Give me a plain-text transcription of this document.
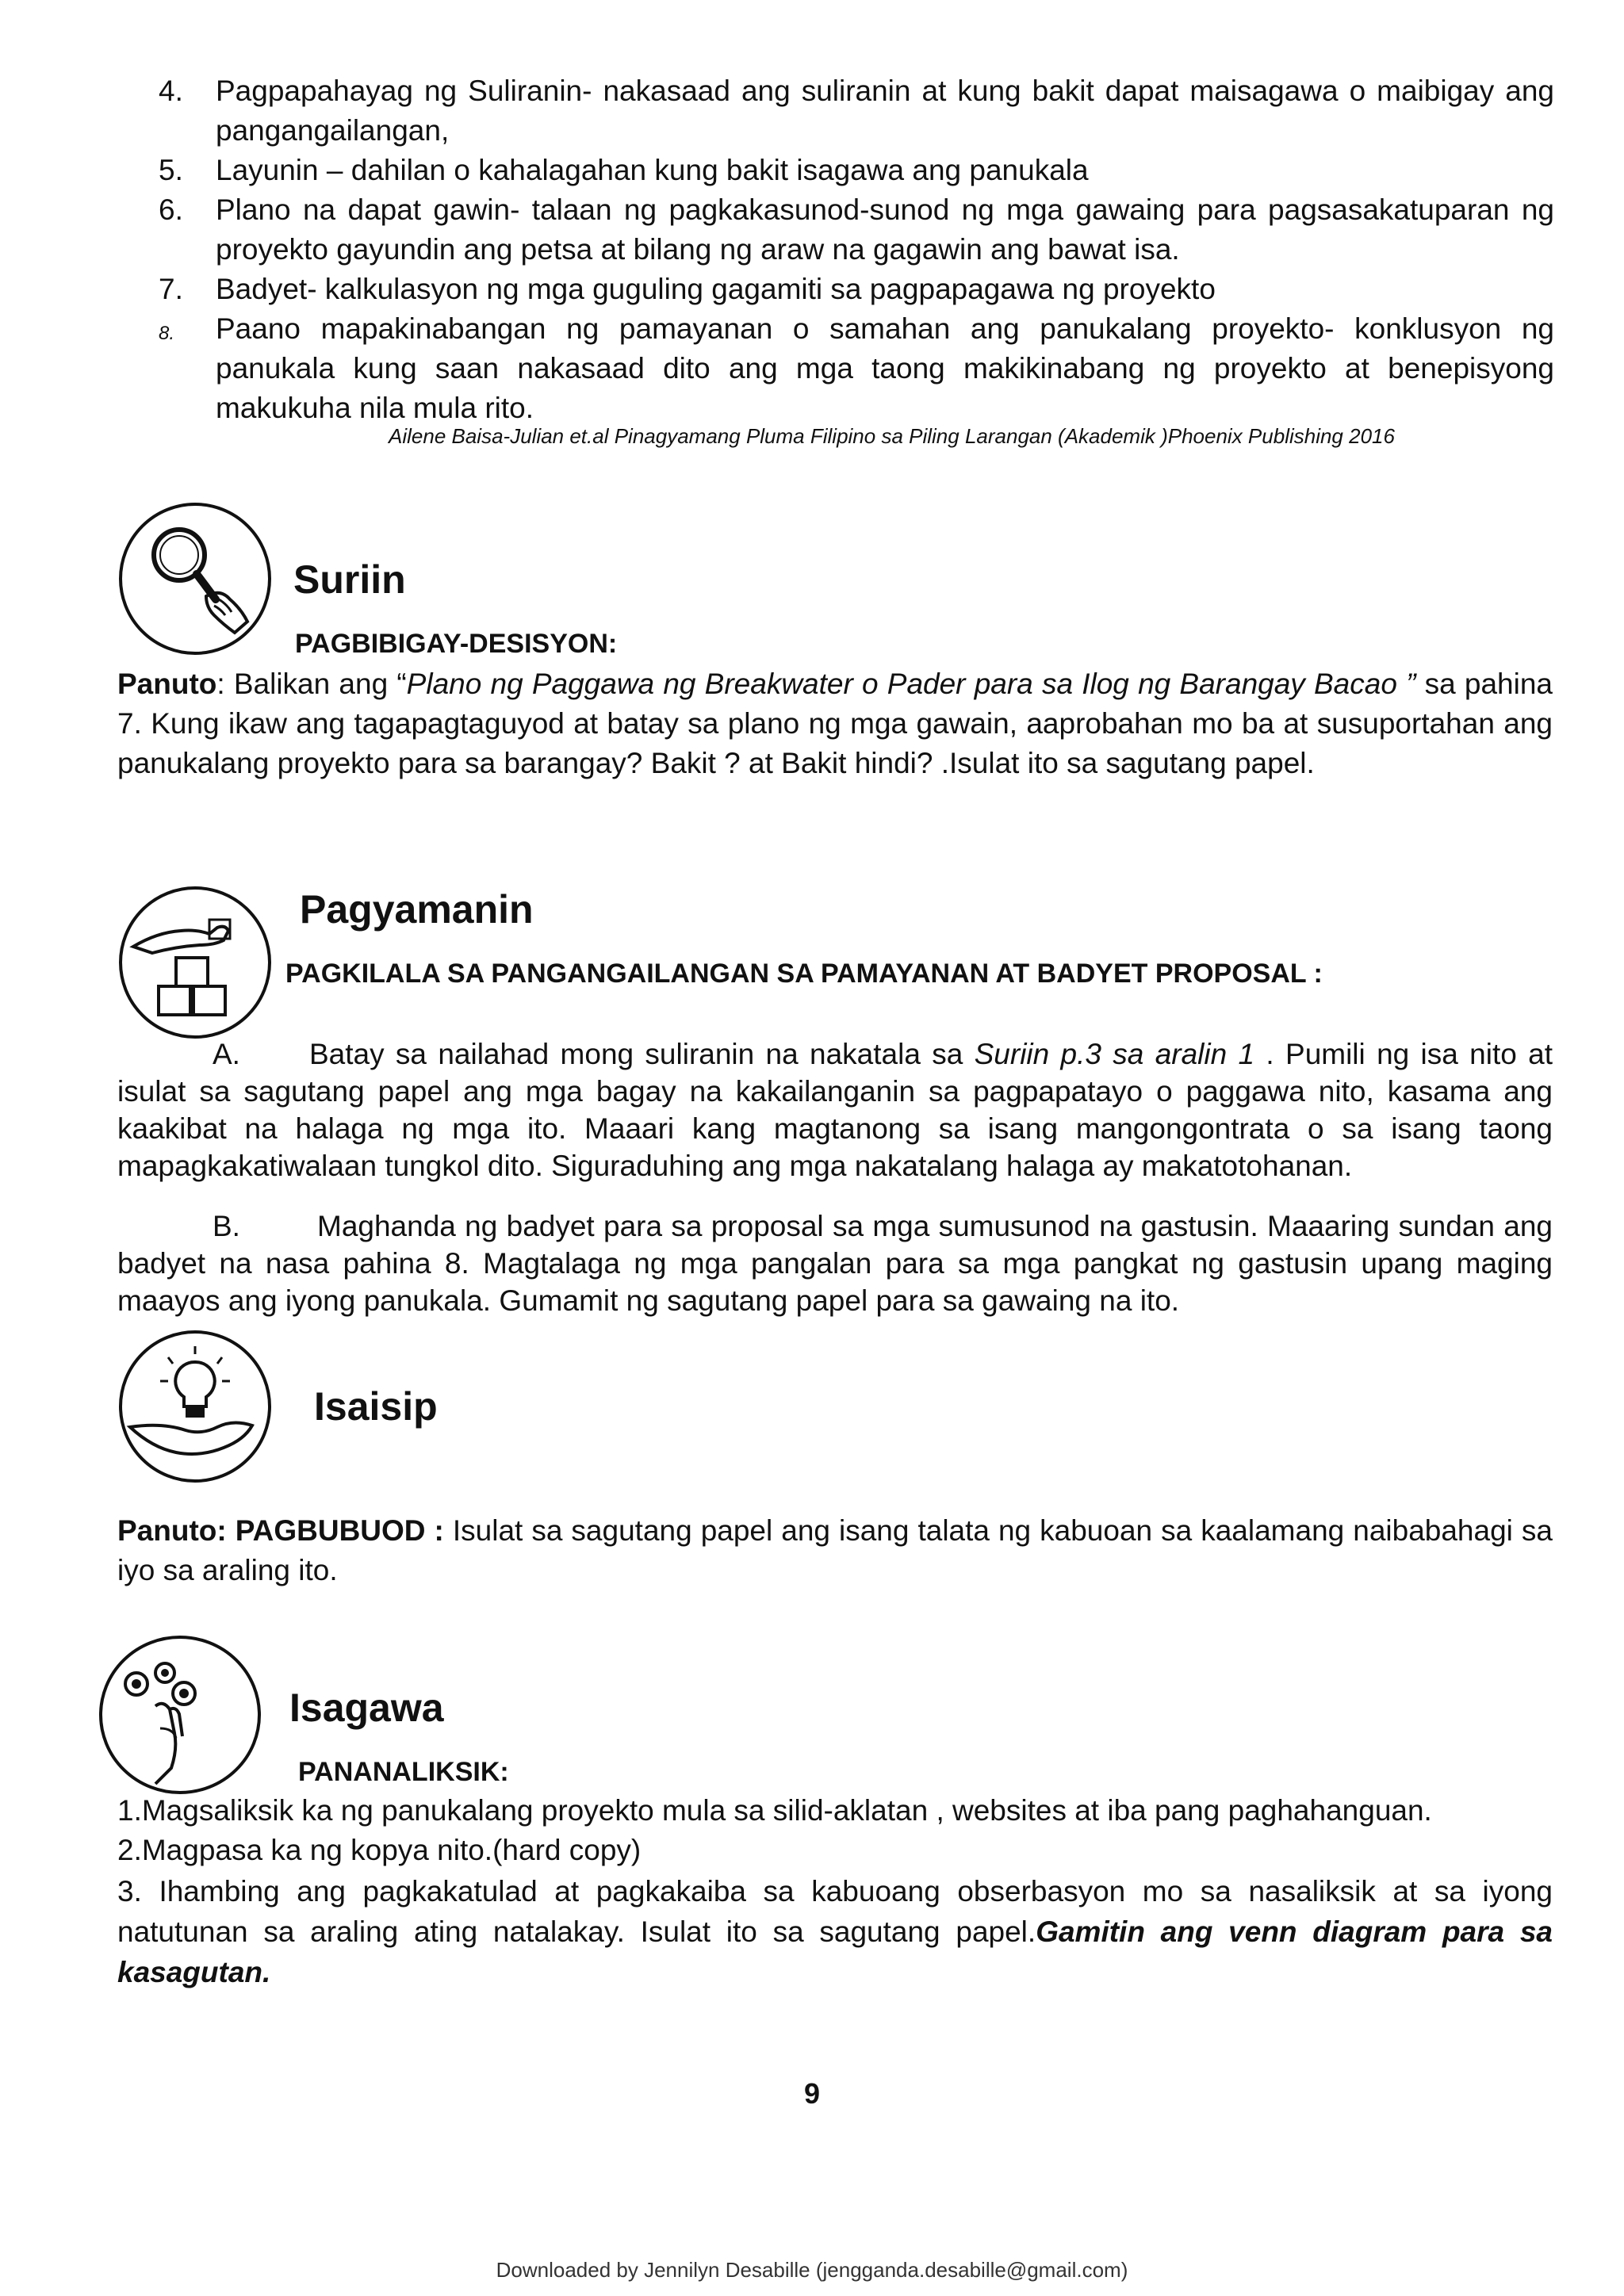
4.	Pagpapahayag ng Suliranin- nakasaad ang suliranin at kung bakit dapat maisagawa o maibigay ang pangangailangan,
5.	Layunin – dahilan o kahalagahan kung bakit isagawa ang panukala
6.	Plano na dapat gawin- talaan ng pagkakasunod-sunod ng mga gawaing para pagsasakatuparan ng proyekto gayundin ang petsa at bilang ng araw na gagawin ang bawat isa.
7.	Badyet- kalkulasyon ng mga guguling gagamiti sa pagpapagawa ng proyekto
8.	Paano mapakinabangan ng pamayanan o samahan ang panukalang proyekto- konklusyon ng panukala kung saan nakasaad dito ang mga taong makikinabang ng proyekto at benepisyong makukuha nila mula rito.
Ailene Baisa-Julian et.al Pinagyamang Pluma Filipino sa Piling Larangan (Akademik )Phoenix Publishing 2016
Suriin
PAGBIBIGAY-DESISYON:
Panuto: Balikan ang “Plano ng Paggawa ng Breakwater o Pader para sa Ilog ng Barangay Bacao ” sa pahina 7. Kung ikaw ang tagapagtaguyod at batay sa plano ng mga gawain, aaprobahan mo ba at susuportahan ang panukalang proyekto para sa barangay? Bakit ? at Bakit hindi? .Isulat ito sa sagutang papel.
Pagyamanin
PAGKILALA SA PANGANGAILANGAN SA PAMAYANAN AT BADYET PROPOSAL :
A. Batay sa nailahad mong suliranin na nakatala sa Suriin p.3 sa aralin 1 . Pumili ng isa nito at isulat sa sagutang papel ang mga bagay na kakailanganin sa pagpapatayo o paggawa nito, kasama ang kaakibat na halaga ng mga ito. Maaari kang magtanong sa isang mangongontrata o sa isang taong mapagkakatiwalaan tungkol dito. Siguraduhing ang mga nakatalang halaga ay makatotohanan.
B.	Maghanda ng badyet para sa proposal sa mga sumusunod na gastusin. Maaaring sundan ang badyet na nasa pahina 8. Magtalaga ng mga pangalan para sa mga pangkat ng gastusin upang maging maayos ang iyong panukala. Gumamit ng sagutang papel para sa gawaing na ito.
Isaisip
Panuto: PAGBUBUOD : Isulat sa sagutang papel ang isang talata ng kabuoan sa kaalamang naibabahagi sa iyo sa araling ito.
Isagawa
PANANALIKSIK:
1.Magsaliksik ka ng panukalang proyekto mula sa silid-aklatan , websites at iba pang paghahanguan.
2.Magpasa ka ng kopya nito.(hard copy)
3. Ihambing ang pagkakatulad at pagkakaiba sa kabuoang obserbasyon mo sa nasaliksik at sa iyong natutunan sa araling ating natalakay. Isulat ito sa sagutang papel.Gamitin ang venn diagram para sa kasagutan.
9
Downloaded by Jennilyn Desabille (jengganda.desabille@gmail.com)
